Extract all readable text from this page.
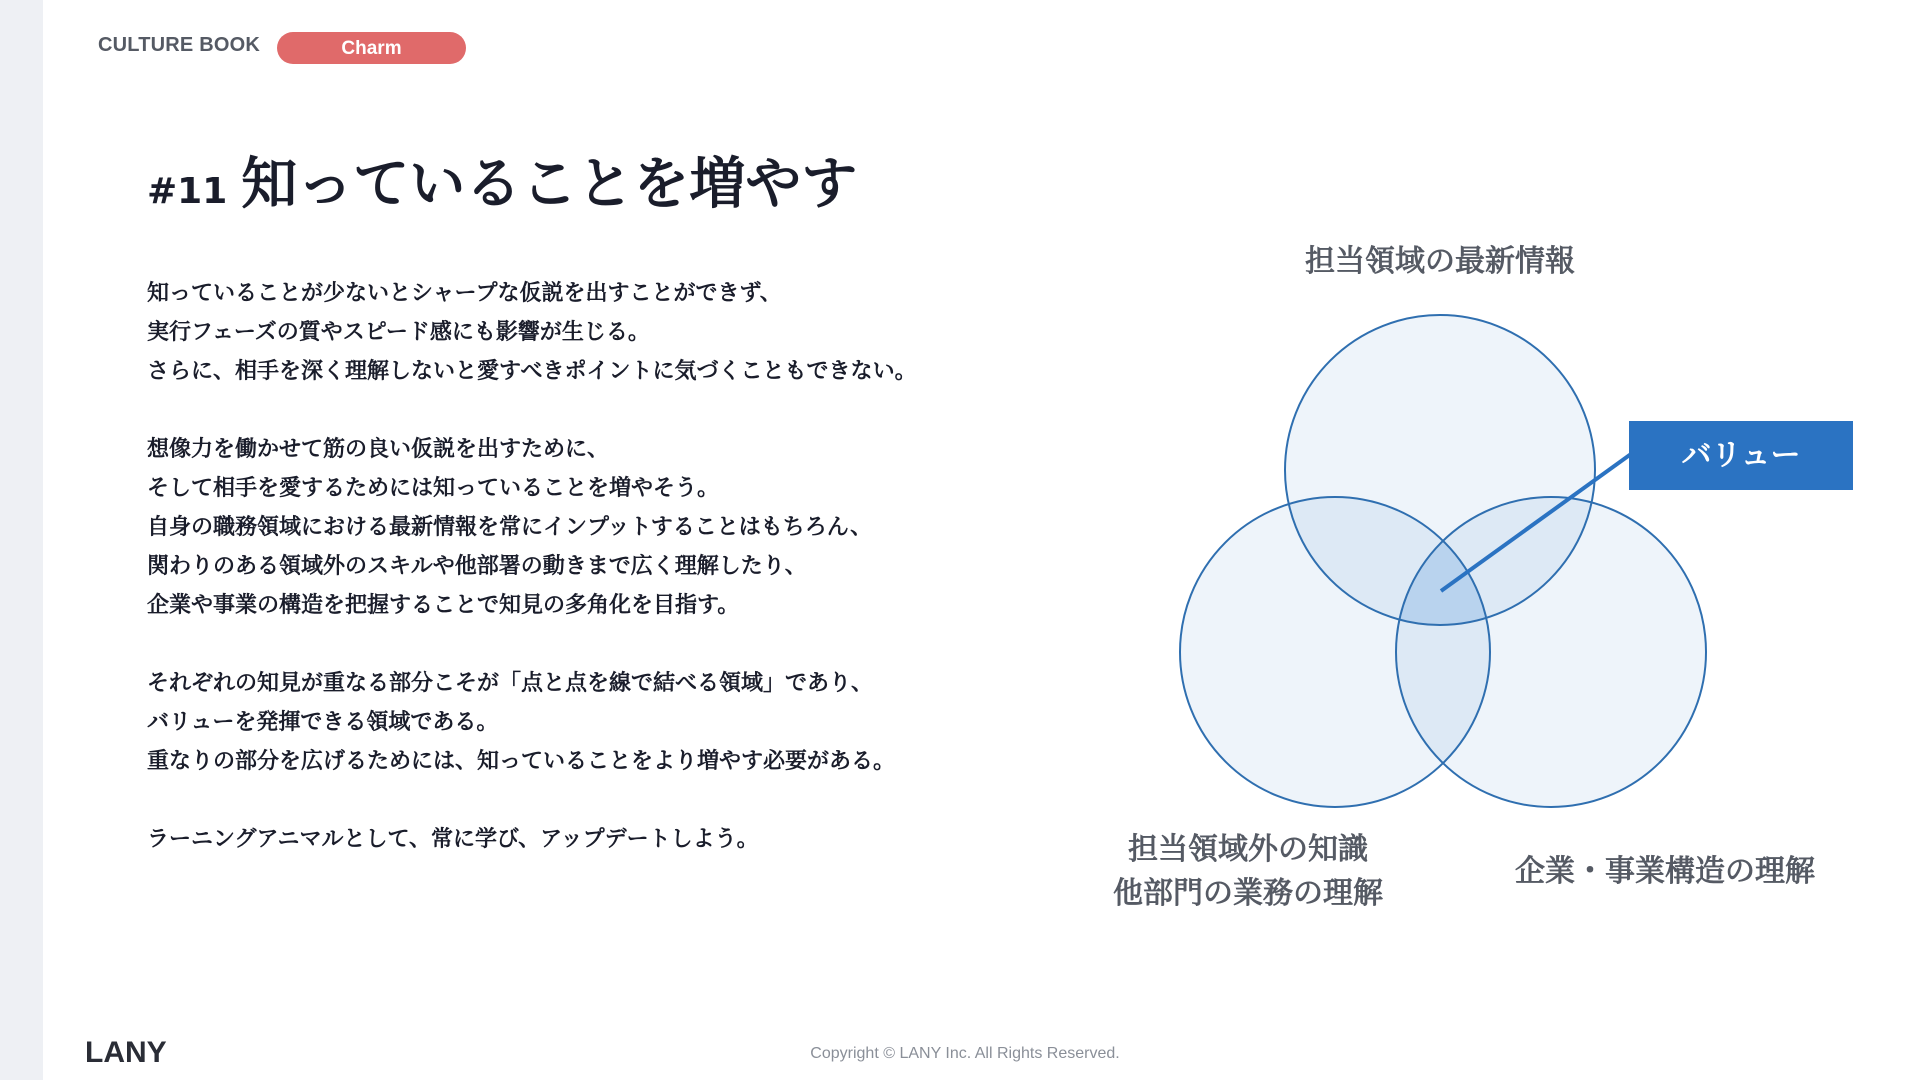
CULTURE BOOK	Charm
#11 知っていることを増やす
知っていることが少ないとシャープな仮説を出すことができず、
実行フェーズの質やスピード感にも影響が生じる。
さらに、相手を深く理解しないと愛すべきポイントに気づくこともできない。
想像力を働かせて筋の良い仮説を出すために、
そして相手を愛するためには知っていることを増やそう。
自身の職務領域における最新情報を常にインプットすることはもちろん、
関わりのある領域外のスキルや他部署の動きまで広く理解したり、
企業や事業の構造を把握することで知見の多角化を目指す。
それぞれの知見が重なる部分こそが「点と点を線で結べる領域」であり、
バリューを発揮できる領域である。
重なりの部分を広げるためには、知っていることをより増やす必要がある。
ラーニングアニマルとして、常に学び、アップデートしよう。
担当領域の最新情報
担当領域外の知識
他部門の業務の理解
企業・事業構造の理解
バリュー
LANY	Copyright © LANY Inc. All Rights Reserved.
